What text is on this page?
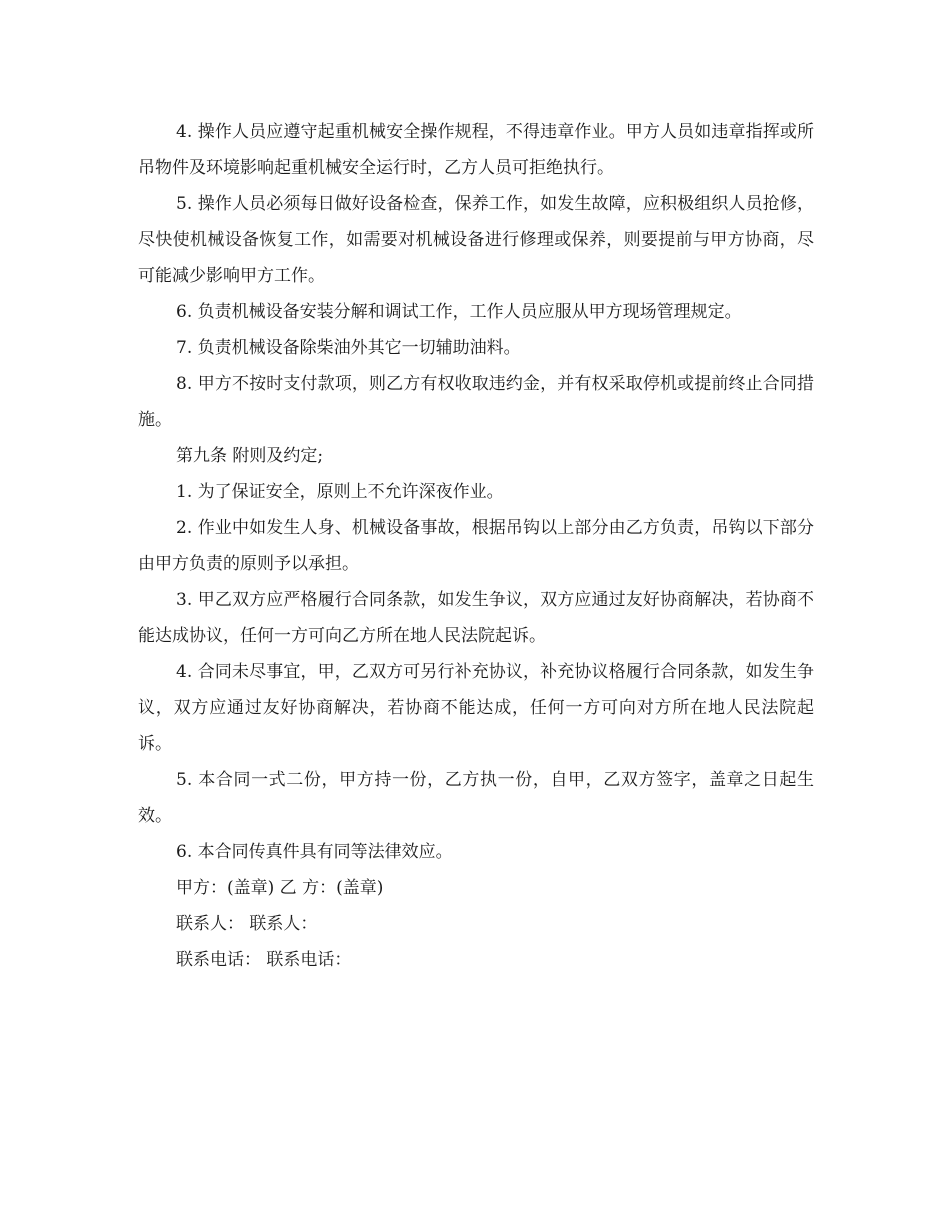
4. 操作人员应遵守起重机械安全操作规程，不得违章作业。甲方人员如违章指挥或所吊物件及环境影响起重机械安全运行时，乙方人员可拒绝执行。

5. 操作人员必须每日做好设备检查，保养工作，如发生故障，应积极组织人员抢修，尽快使机械设备恢复工作，如需要对机械设备进行修理或保养，则要提前与甲方协商，尽可能减少影响甲方工作。

6. 负责机械设备安装分解和调试工作，工作人员应服从甲方现场管理规定。

7. 负责机械设备除柴油外其它一切辅助油料。

8. 甲方不按时支付款项，则乙方有权收取违约金，并有权采取停机或提前终止合同措施。

第九条 附则及约定;

1. 为了保证安全，原则上不允许深夜作业。

2. 作业中如发生人身、机械设备事故，根据吊钩以上部分由乙方负责，吊钩以下部分由甲方负责的原则予以承担。

3. 甲乙双方应严格履行合同条款，如发生争议，双方应通过友好协商解决，若协商不能达成协议，任何一方可向乙方所在地人民法院起诉。

4. 合同未尽事宜，甲，乙双方可另行补充协议，补充协议格履行合同条款，如发生争议，双方应通过友好协商解决，若协商不能达成，任何一方可向对方所在地人民法院起诉。

5. 本合同一式二份，甲方持一份，乙方执一份，自甲，乙双方签字，盖章之日起生效。

6. 本合同传真件具有同等法律效应。

甲方：(盖章) 乙 方：(盖章)

联系人： 联系人：

联系电话： 联系电话：
